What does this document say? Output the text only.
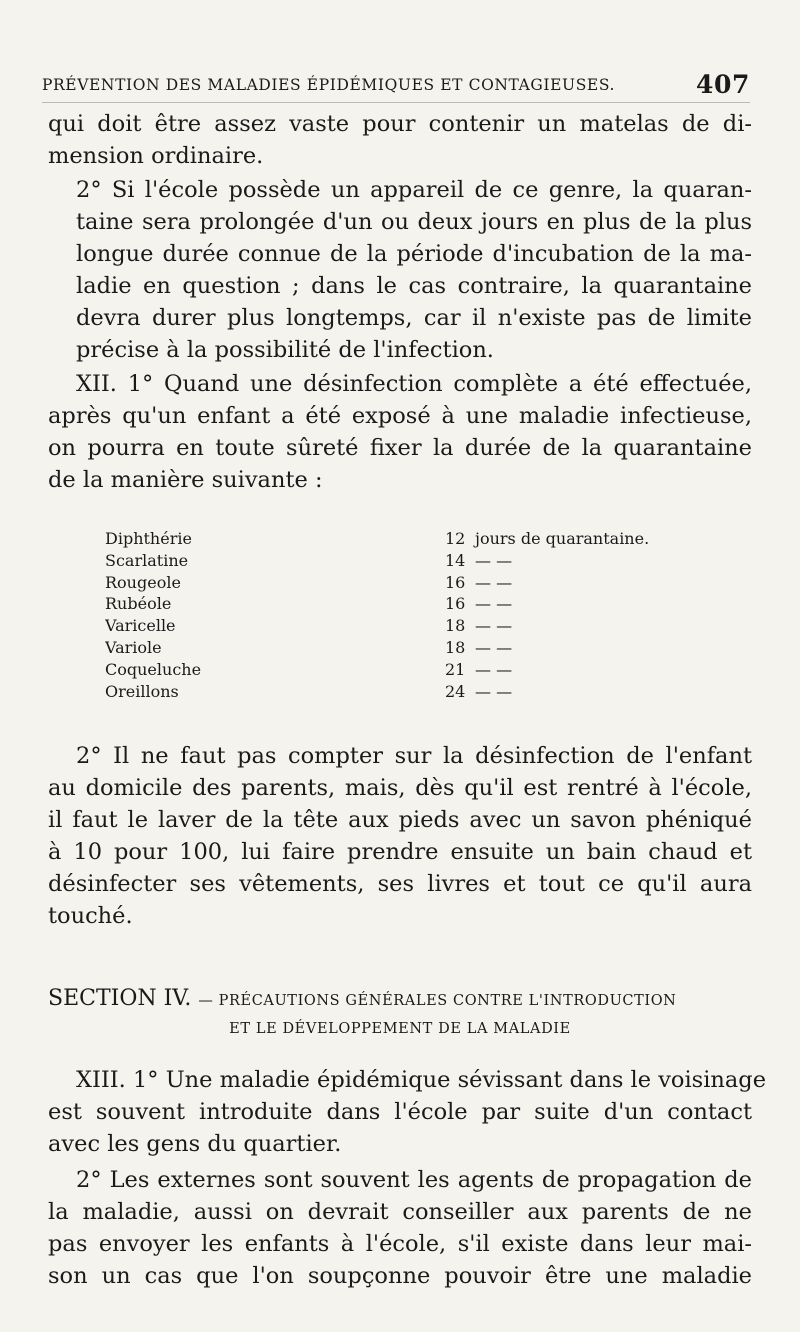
PRÉVENTION DES MALADIES ÉPIDÉMIQUES ET CONTAGIEUSES.	407

qui doit être assez vaste pour contenir un matelas de di-
mension ordinaire.

2° Si l'école possède un appareil de ce genre, la quaran-
taine sera prolongée d'un ou deux jours en plus de la plus
longue durée connue de la période d'incubation de la ma-
ladie en question ; dans le cas contraire, la quarantaine
devra durer plus longtemps, car il n'existe pas de limite
précise à la possibilité de l'infection.

XII. 1° Quand une désinfection complète a été effectuée,
après qu'un enfant a été exposé à une maladie infectieuse,
on pourra en toute sûreté fixer la durée de la quarantaine
de la manière suivante :

Diphthérie	12 jours de quarantaine.
Scarlatine	14 — —
Rougeole	16 — —
Rubéole	16 — —
Varicelle	18 — —
Variole	18 — —
Coqueluche	21 — —
Oreillons	24 — —

2° Il ne faut pas compter sur la désinfection de l'enfant
au domicile des parents, mais, dès qu'il est rentré à l'école,
il faut le laver de la tête aux pieds avec un savon phéniqué
à 10 pour 100, lui faire prendre ensuite un bain chaud et
désinfecter ses vêtements, ses livres et tout ce qu'il aura
touché.

SECTION IV. — PRÉCAUTIONS GÉNÉRALES CONTRE L'INTRODUCTION
ET LE DÉVELOPPEMENT DE LA MALADIE

XIII. 1° Une maladie épidémique sévissant dans le voisinage
est souvent introduite dans l'école par suite d'un contact
avec les gens du quartier.

2° Les externes sont souvent les agents de propagation de
la maladie, aussi on devrait conseiller aux parents de ne
pas envoyer les enfants à l'école, s'il existe dans leur mai-
son un cas que l'on soupçonne pouvoir être une maladie
